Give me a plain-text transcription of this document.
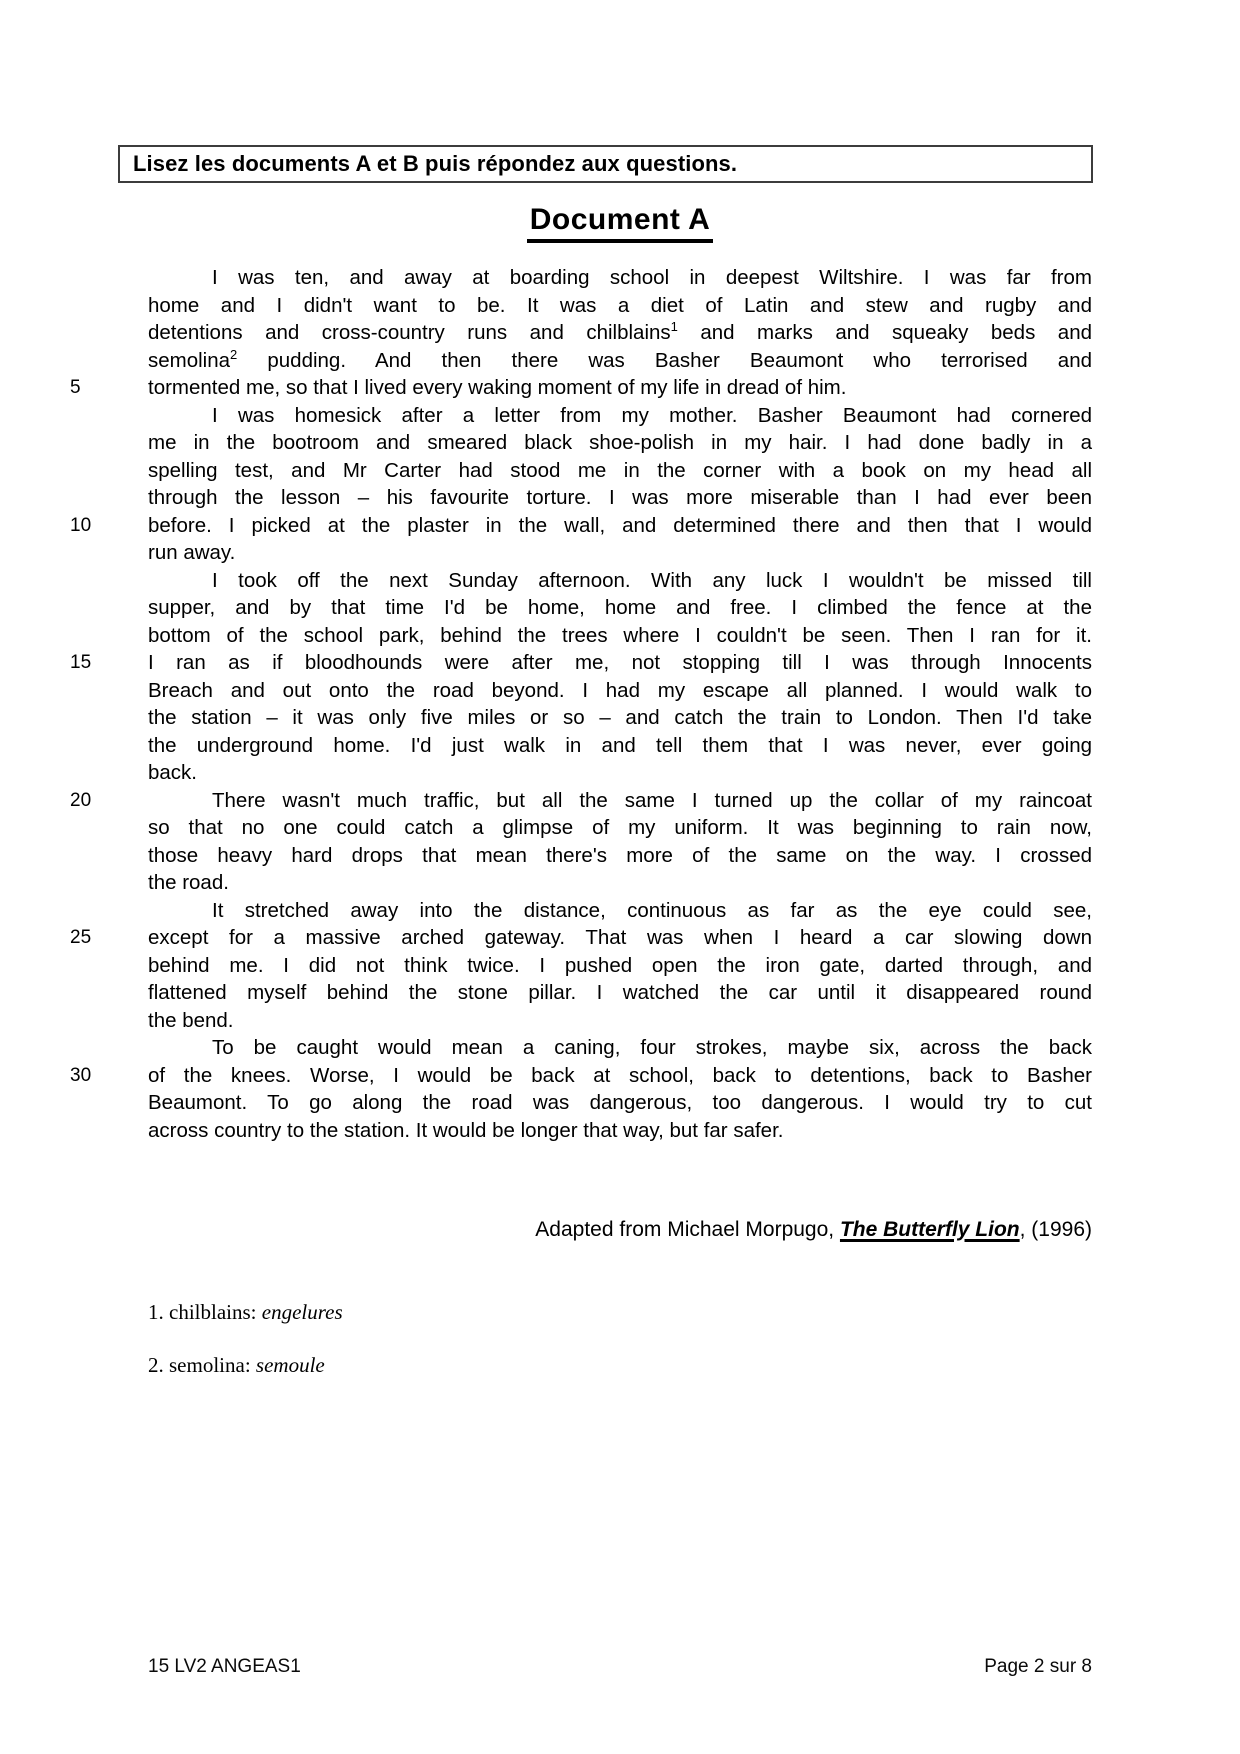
Lisez les documents A et B puis répondez aux questions.
Document A
I was ten, and away at boarding school in deepest Wiltshire. I was far from
home and I didn't want to be. It was a diet of Latin and stew and rugby and
detentions and cross-country runs and chilblains$^1$ and marks and squeaky beds and
semolina$^2$ pudding. And then there was Basher Beaumont who terrorised and
5	tormented me, so that I lived every waking moment of my life in dread of him.
I was homesick after a letter from my mother. Basher Beaumont had cornered
me in the bootroom and smeared black shoe-polish in my hair. I had done badly in a
spelling test, and Mr Carter had stood me in the corner with a book on my head all
through the lesson – his favourite torture. I was more miserable than I had ever been
10	before. I picked at the plaster in the wall, and determined there and then that I would
run away.
I took off the next Sunday afternoon. With any luck I wouldn't be missed till
supper, and by that time I'd be home, home and free. I climbed the fence at the
bottom of the school park, behind the trees where I couldn't be seen. Then I ran for it.
15	I ran as if bloodhounds were after me, not stopping till I was through Innocents
Breach and out onto the road beyond. I had my escape all planned. I would walk to
the station – it was only five miles or so – and catch the train to London. Then I'd take
the underground home. I'd just walk in and tell them that I was never, ever going
back.
20	There wasn't much traffic, but all the same I turned up the collar of my raincoat
so that no one could catch a glimpse of my uniform. It was beginning to rain now,
those heavy hard drops that mean there's more of the same on the way. I crossed
the road.
It stretched away into the distance, continuous as far as the eye could see,
25	except for a massive arched gateway. That was when I heard a car slowing down
behind me. I did not think twice. I pushed open the iron gate, darted through, and
flattened myself behind the stone pillar. I watched the car until it disappeared round
the bend.
To be caught would mean a caning, four strokes, maybe six, across the back
30	of the knees. Worse, I would be back at school, back to detentions, back to Basher
Beaumont. To go along the road was dangerous, too dangerous. I would try to cut
across country to the station. It would be longer that way, but far safer.
Adapted from Michael Morpugo, The Butterfly Lion, (1996)
1. chilblains: engelures
2. semolina: semoule
15 LV2 ANGEAS1	Page 2 sur 8
